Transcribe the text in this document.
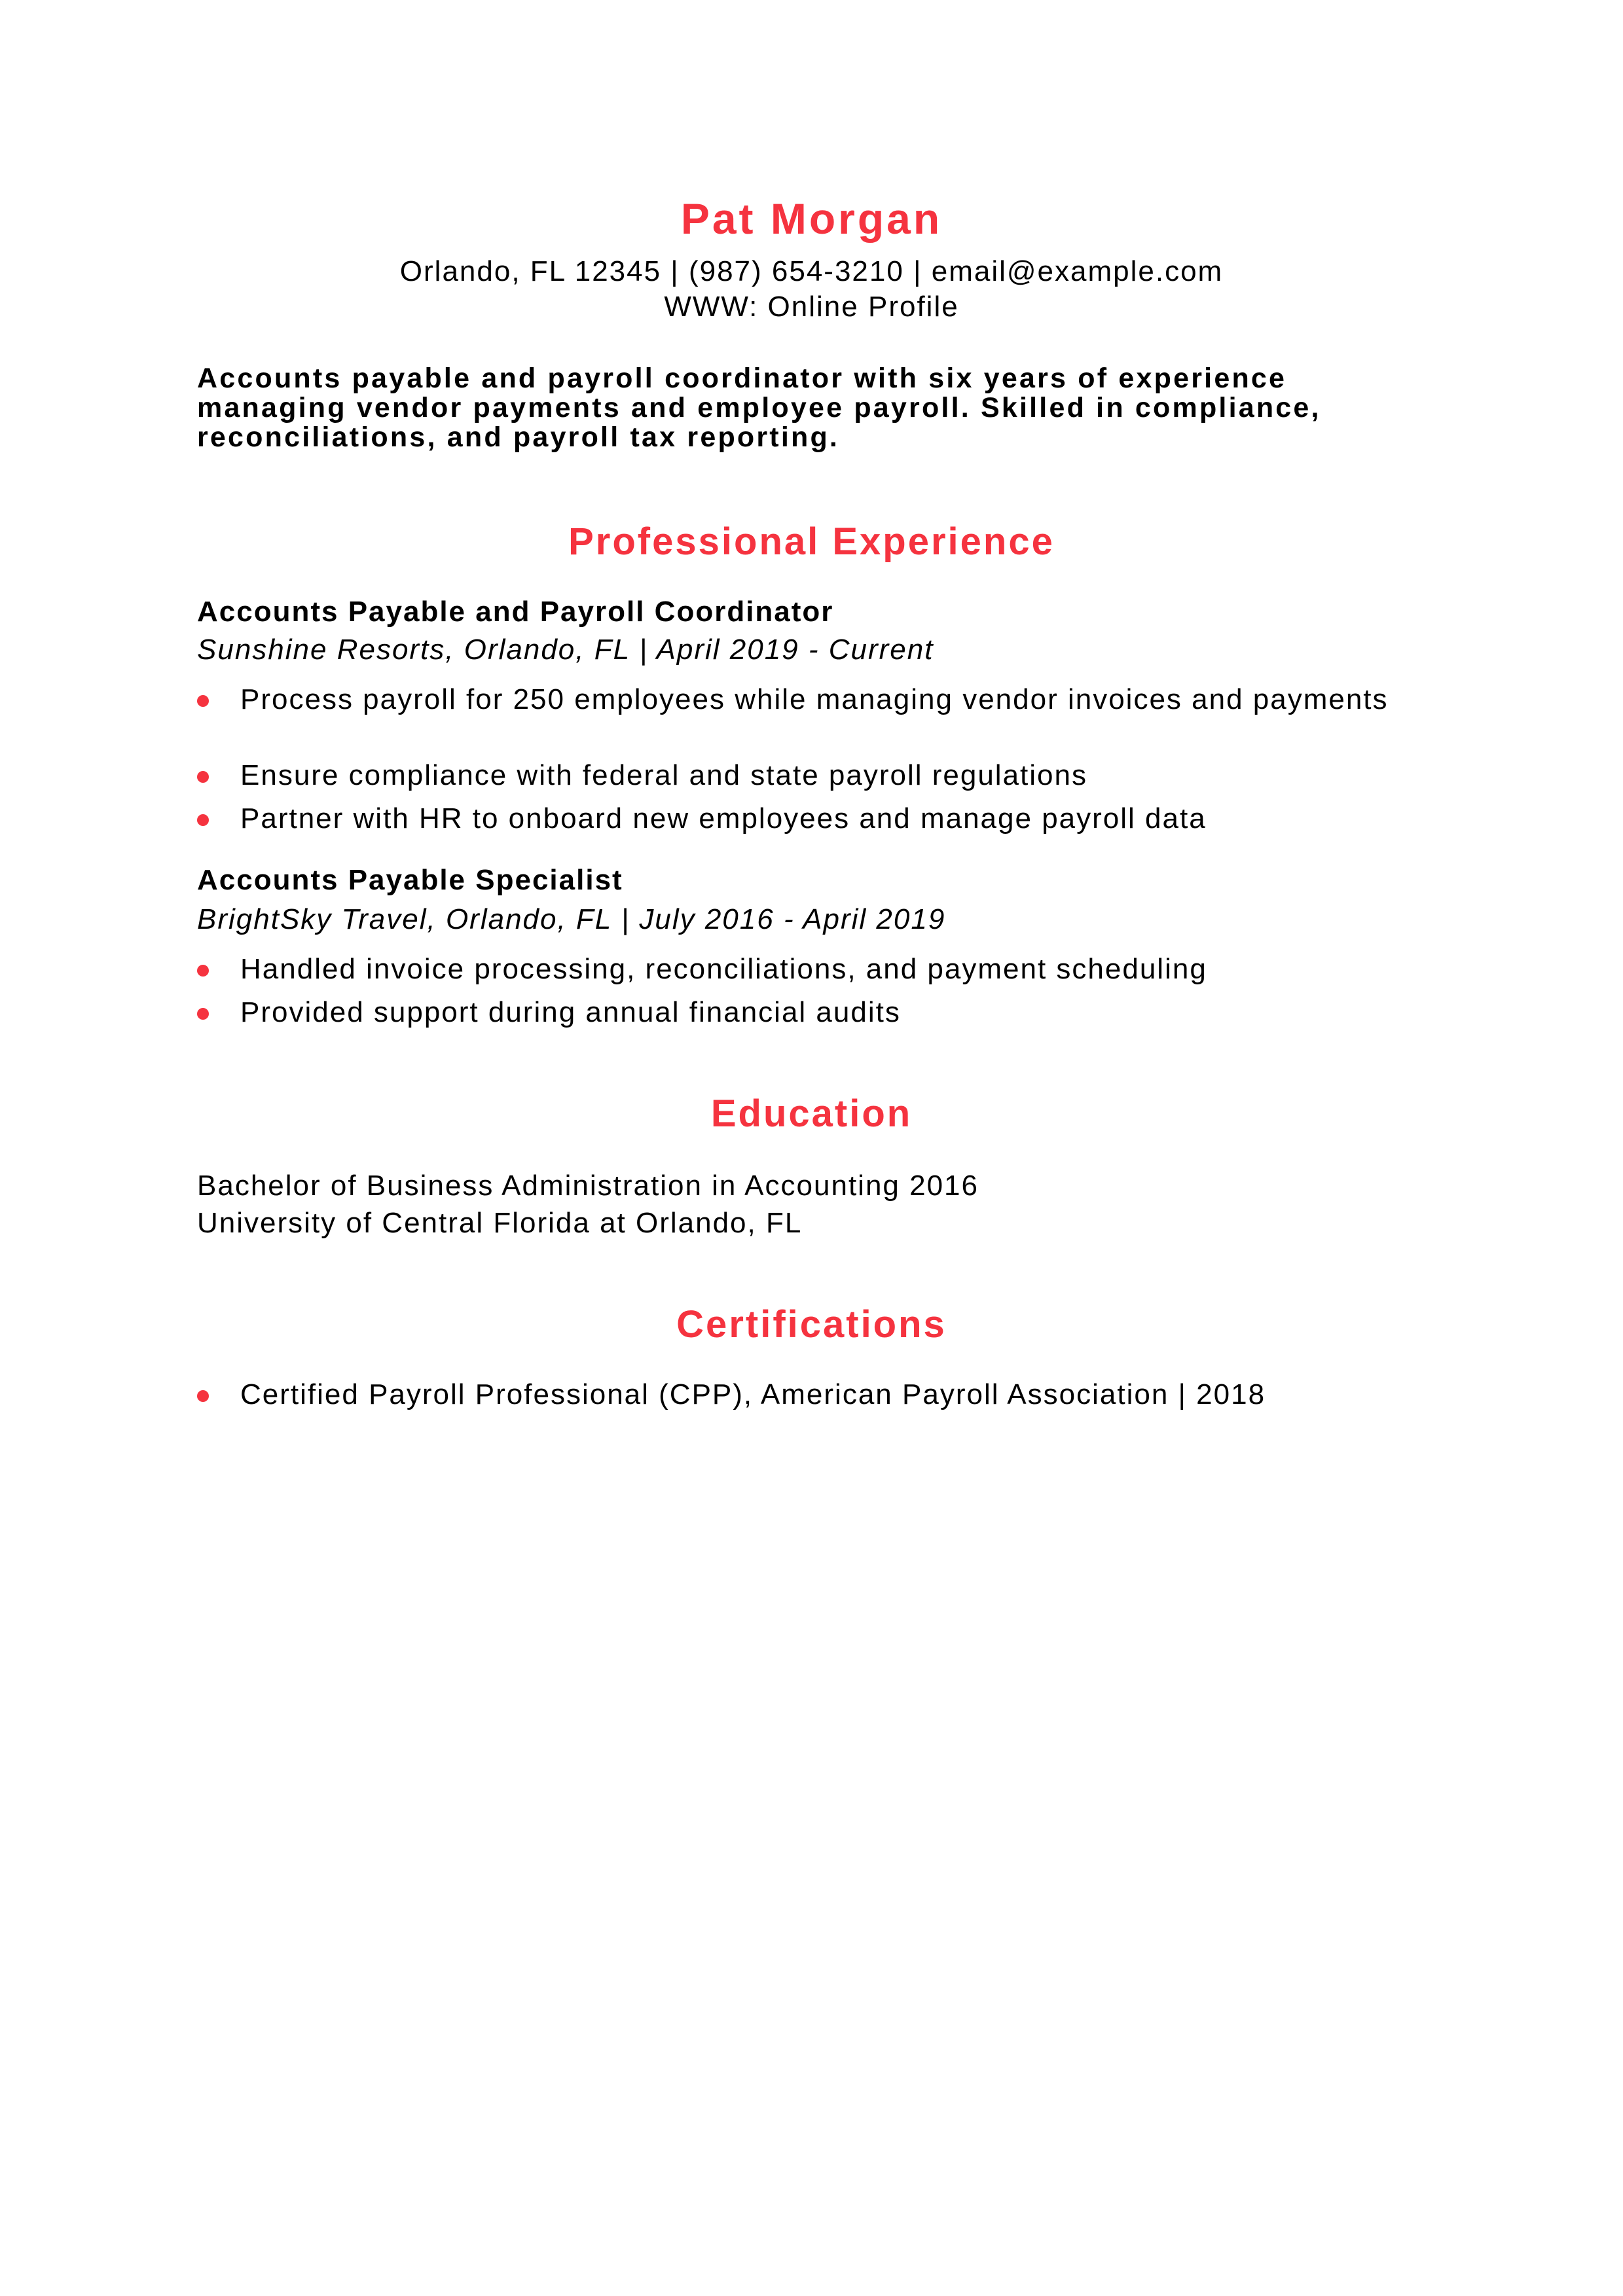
Pat Morgan
Orlando, FL 12345 | (987) 654-3210 | email@example.com
WWW: Online Profile
Accounts payable and payroll coordinator with six years of experience managing vendor payments and employee payroll. Skilled in compliance, reconciliations, and payroll tax reporting.
Professional Experience
Accounts Payable and Payroll Coordinator
Sunshine Resorts, Orlando, FL | April 2019 - Current
Process payroll for 250 employees while managing vendor invoices and payments
Ensure compliance with federal and state payroll regulations
Partner with HR to onboard new employees and manage payroll data
Accounts Payable Specialist
BrightSky Travel, Orlando, FL | July 2016 - April 2019
Handled invoice processing, reconciliations, and payment scheduling
Provided support during annual financial audits
Education
Bachelor of Business Administration in Accounting 2016
University of Central Florida at Orlando, FL
Certifications
Certified Payroll Professional (CPP), American Payroll Association | 2018
